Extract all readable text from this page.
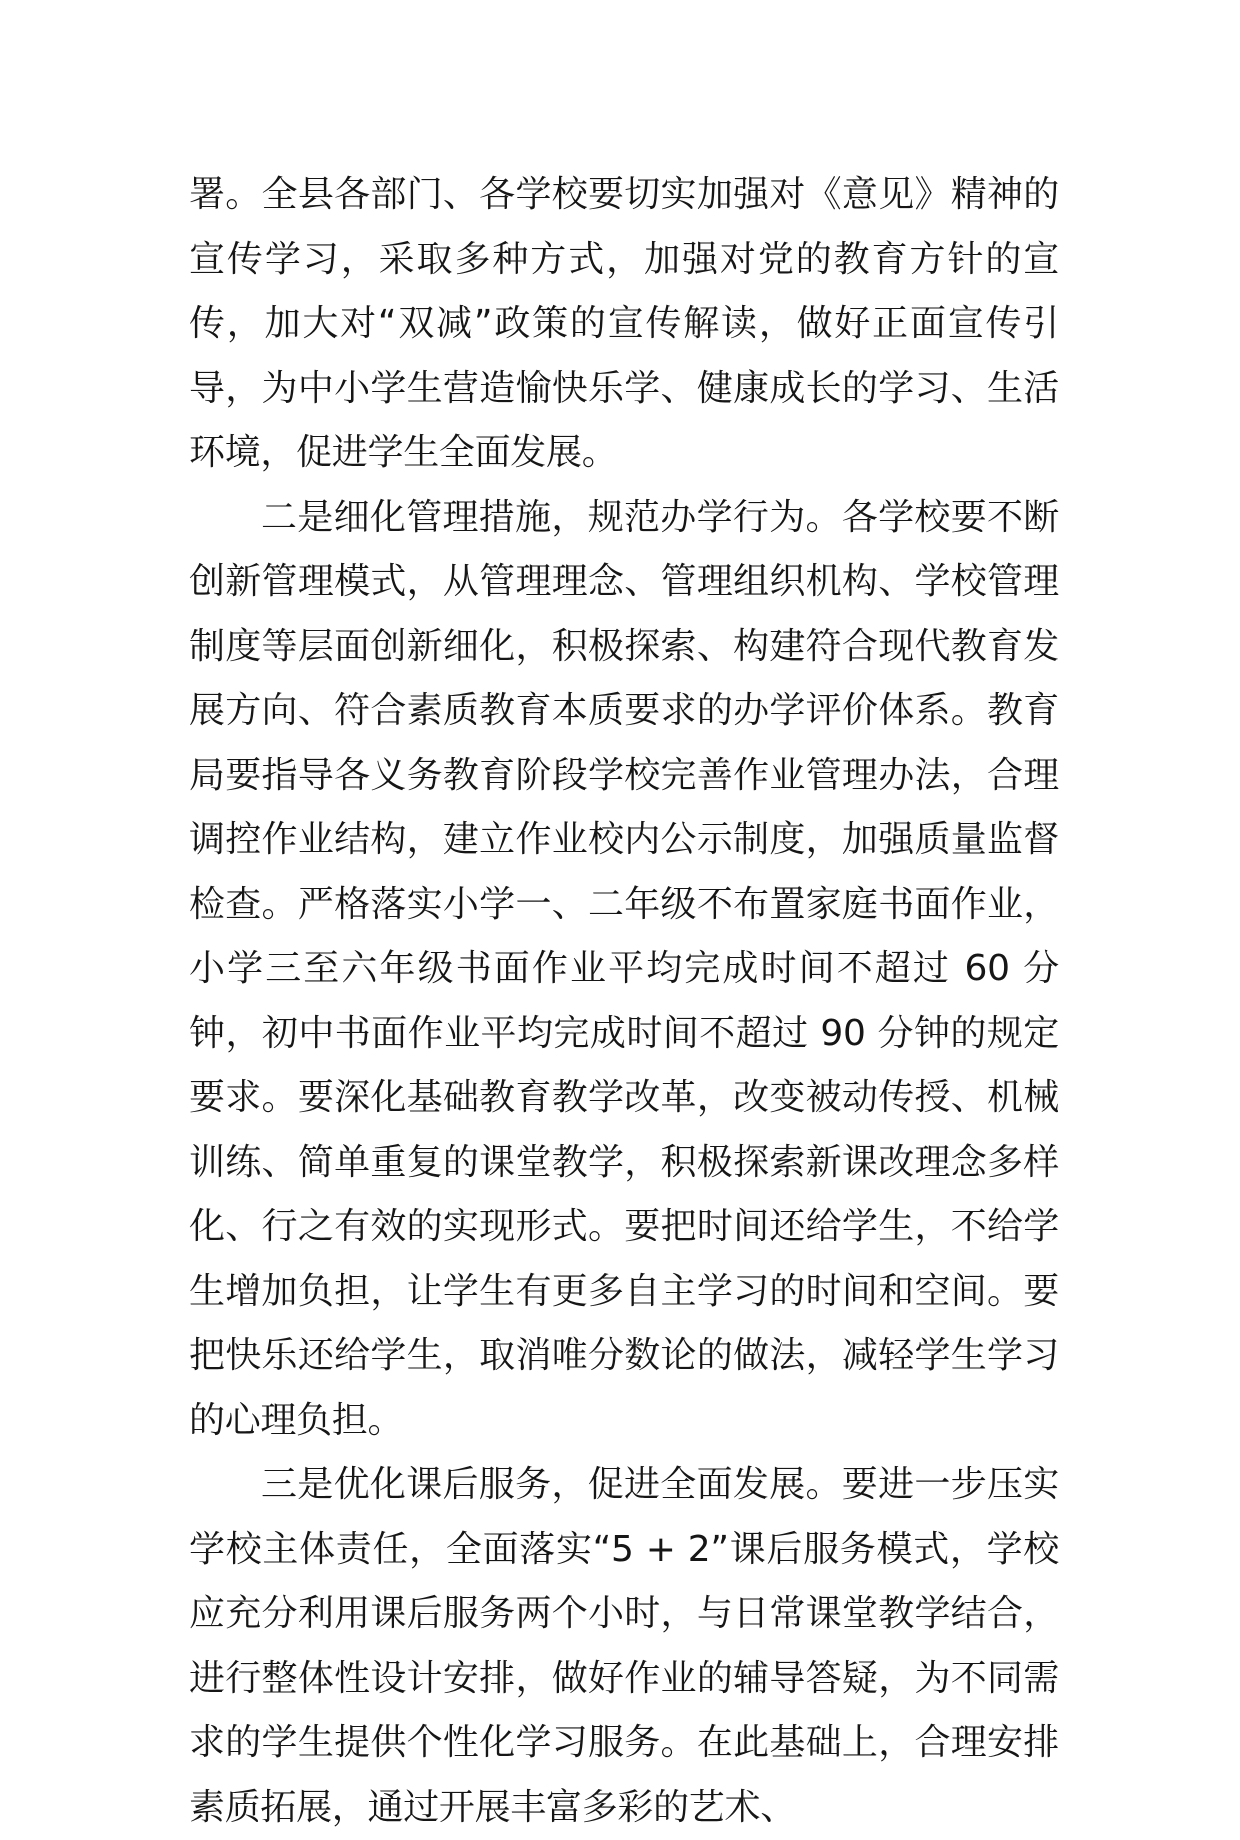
署。全县各部门、各学校要切实加强对《意见》精神的宣传学习，采取多种方式，加强对党的教育方针的宣传，加大对“双减”政策的宣传解读，做好正面宣传引导，为中小学生营造愉快乐学、健康成长的学习、生活环境，促进学生全面发展。

二是细化管理措施，规范办学行为。各学校要不断创新管理模式，从管理理念、管理组织机构、学校管理制度等层面创新细化，积极探索、构建符合现代教育发展方向、符合素质教育本质要求的办学评价体系。教育局要指导各义务教育阶段学校完善作业管理办法，合理调控作业结构，建立作业校内公示制度，加强质量监督检查。严格落实小学一、二年级不布置家庭书面作业，小学三至六年级书面作业平均完成时间不超过 60 分钟，初中书面作业平均完成时间不超过 90 分钟的规定要求。要深化基础教育教学改革，改变被动传授、机械训练、简单重复的课堂教学，积极探索新课改理念多样化、行之有效的实现形式。要把时间还给学生，不给学生增加负担，让学生有更多自主学习的时间和空间。要把快乐还给学生，取消唯分数论的做法，减轻学生学习的心理负担。

三是优化课后服务，促进全面发展。要进一步压实学校主体责任，全面落实“5 + 2”课后服务模式，学校应充分利用课后服务两个小时，与日常课堂教学结合，进行整体性设计安排，做好作业的辅导答疑，为不同需求的学生提供个性化学习服务。在此基础上，合理安排素质拓展，通过开展丰富多彩的艺术、
